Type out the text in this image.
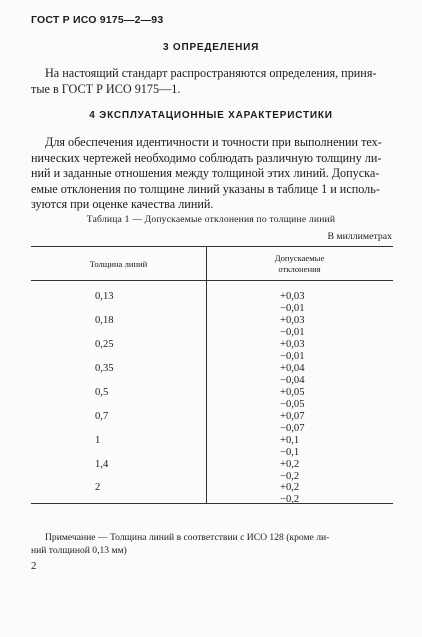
ГОСТ Р ИСО 9175—2—93
3 ОПРЕДЕЛЕНИЯ
На настоящий стандарт распространяются определения, приня-
тые в ГОСТ Р ИСО 9175—1.
4 ЭКСПЛУАТАЦИОННЫЕ ХАРАКТЕРИСТИКИ
Для обеспечения идентичности и точности при выполнении тех-
нических чертежей необходимо соблюдать различную толщину ли-
ний и заданные отношения между толщиной этих линий. Допуска-
емые отклонения по толщине линий указаны в таблице 1 и исполь-
зуются при оценке качества линий.
Таблица 1 — Допускаемые отклонения по толщине линий
В миллиметрах
Толщина линий
Допускаемые
отклонения
0,13	+0,03
−0,01
0,18	+0,03
−0,01
0,25	+0,03
−0,01
0,35	+0,04
−0,04
0,5	+0,05
−0,05
0,7	+0,07
−0,07
1	+0,1
−0,1
1,4	+0,2
−0,2
2	+0,2
−0,2
Примечание — Толщина линий в соответствии с ИСО 128 (кроме ли-
ний толщиной 0,13 мм)
2
